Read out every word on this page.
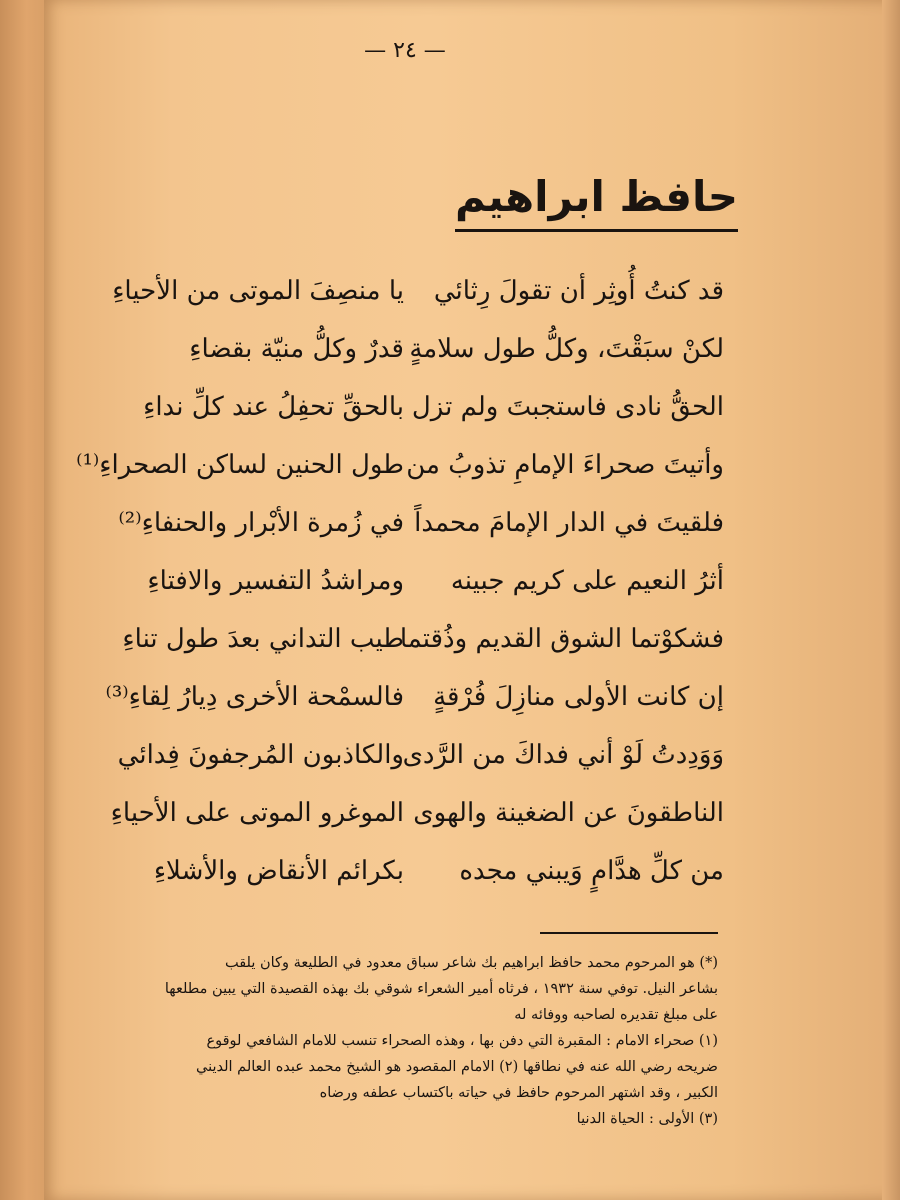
— ٢٤ —
حافظ ابراهيم
قد كنتُ أُوثِر أن تقولَ رِثائي
يا منصِفَ الموتى من الأحياءِ
لكنْ سبَقْتَ، وكلُّ طول سلامةٍ
قدرٌ وكلُّ منيّة بقضاءِ
الحقُّ نادى فاستجبتَ ولم تزل
بالحقِّ تحفِلُ عند كلِّ نداءِ
وأتيتَ صحراءَ الإمامِ تذوبُ من
طول الحنين لساكن الصحراءِ⁽¹⁾
فلقيتَ في الدار الإمامَ محمداً
في زُمرة الأبْرار والحنفاءِ⁽²⁾
أثرُ النعيم على كريم جبينه
ومراشدُ التفسير والافتاءِ
فشكوْتما الشوق القديم وذُقتما
طيب التداني بعدَ طول تناءِ
إن كانت الأولى منازِلَ فُرْقةٍ
فالسمْحة الأخرى دِيارُ لِقاءِ⁽³⁾
وَوَدِدتُ لَوْ أني فداكَ من الرَّدى
والكاذبون المُرجفونَ فِدائي
الناطقونَ عن الضغينة والهوى
الموغرو الموتى على الأحياءِ
من كلِّ هدَّامٍ وَيبني مجده
بكرائم الأنقاض والأشلاءِ
(*) هو المرحوم محمد حافظ ابراهيم بك شاعر سباق معدود في الطليعة وكان يلقب
بشاعر النيل. توفي سنة ١٩٣٢ ، فرثاه أمير الشعراء شوقي بك بهذه القصيدة التي يبين مطلعها
على مبلغ تقديره لصاحبه ووفائه له
(١) صحراء الامام : المقبرة التي دفن بها ، وهذه الصحراء تنسب للامام الشافعي لوقوع
ضريحه رضي الله عنه في نطاقها (٢) الامام المقصود هو الشيخ محمد عبده العالم الديني
الكبير ، وقد اشتهر المرحوم حافظ في حياته باكتساب عطفه ورضاه
(٣) الأولى : الحياة الدنيا
